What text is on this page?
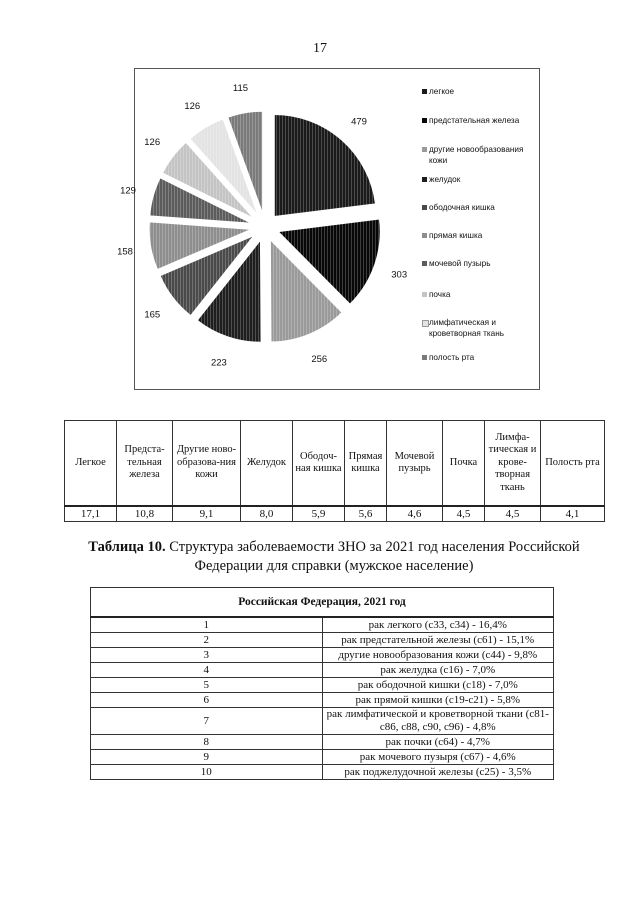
17
479
303
256
223
165
158
129
126
126
115	легкое
предстательная железа
другие новообразования кожи
желудок
ободочная кишка
прямая кишка
мочевой пузырь
почка
лимфатическая и кроветворная ткань
полость рта
Легкое	Предста-тельная железа	Другие ново-образова-ния кожи	Желудок	Ободоч-ная кишка	Прямая кишка	Мочевой пузырь	Почка	Лимфа-тическая и крове-творная ткань	Полость рта
17,1	10,8	9,1	8,0	5,9	5,6	4,6	4,5	4,5	4,1
Таблица 10. Структура заболеваемости ЗНО за 2021 год населения Российской Федерации для справки (мужское население)
Российская Федерация, 2021 год	
1	рак легкого (с33, с34) - 16,4%
2	рак предстательной железы (с61) - 15,1%
3	другие новообразования кожи (с44) - 9,8%
4	рак желудка (с16) - 7,0%
5	рак ободочной кишки (с18) - 7,0%
6	рак прямой кишки (с19-с21) - 5,8%
7	рак лимфатической и кроветворной ткани (с81-с86, с88, с90, с96) - 4,8%
8	рак почки (с64) - 4,7%
9	рак мочевого пузыря (с67) - 4,6%
10	рак поджелудочной железы (с25) - 3,5%
